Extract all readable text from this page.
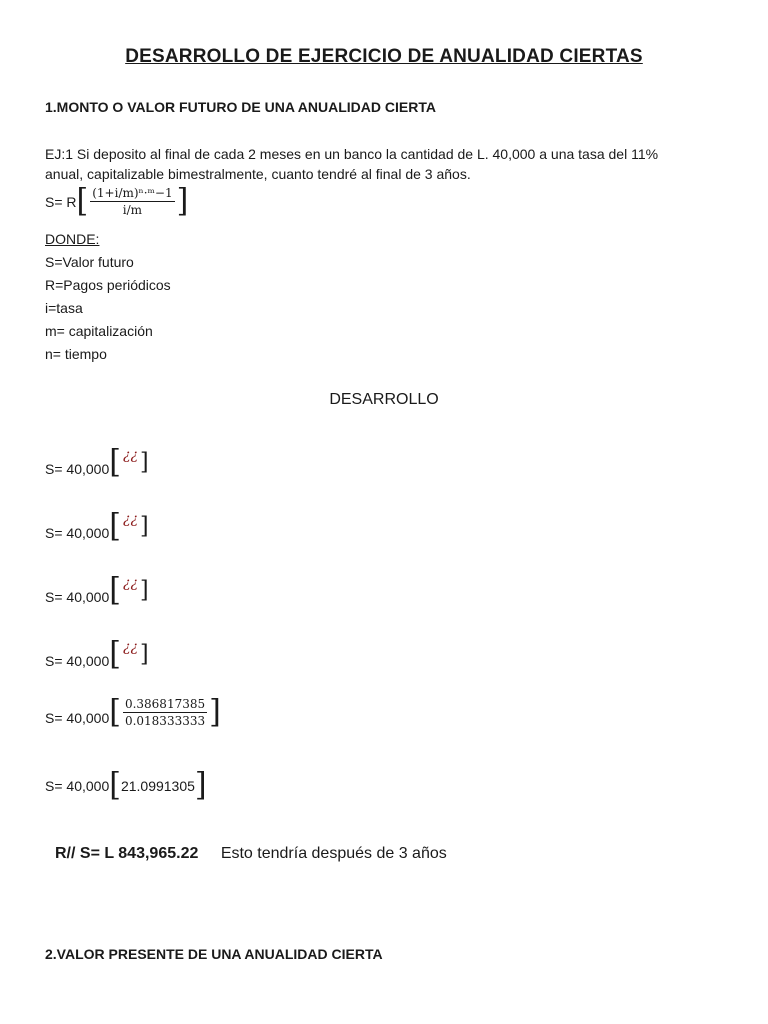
DESARROLLO DE EJERCICIO DE ANUALIDAD CIERTAS
1.MONTO O VALOR FUTURO DE UNA ANUALIDAD CIERTA
EJ:1 Si deposito al final de cada 2 meses en un banco la cantidad de L. 40,000 a una tasa del 11%
anual, capitalizable bimestralmente, cuanto tendré al final de 3 años.
S= R [ $\frac{\text{(1+i/m)ⁿ·ᵐ−1}}{i/m}$ ]
DONDE:
S=Valor futuro
R=Pagos periódicos
i=tasa
m= capitalización
n= tiempo
DESARROLLO
S= 40,000 [ ¿¿ ]
S= 40,000 [ ¿¿ ]
S= 40,000 [ ¿¿ ]
S= 40,000 [ ¿¿ ]
S= 40,000 [ $\frac{0.386817385}{0.018333333}$ ]
S= 40,000 [ 21.0991305 ]
R// S= L 843,965.22 Esto tendría después de 3 años
2.VALOR PRESENTE DE UNA ANUALIDAD CIERTA
